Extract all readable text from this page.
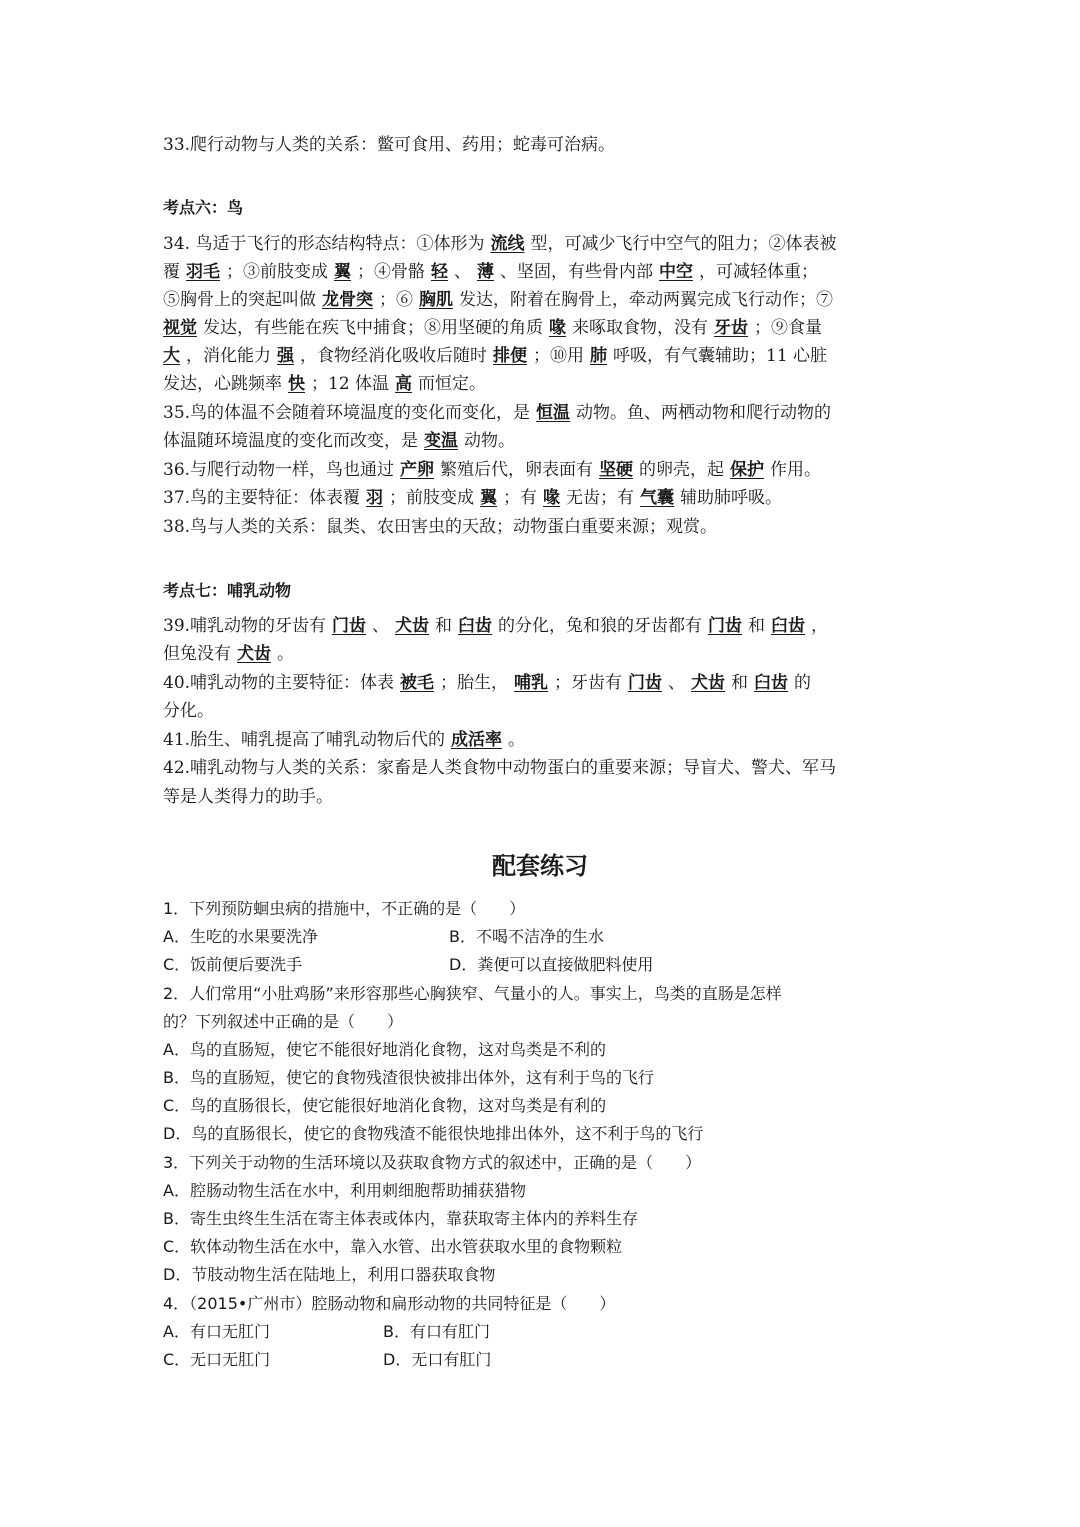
33.爬行动物与人类的关系：鳖可食用、药用；蛇毒可治病。
考点六：鸟
34. 鸟适于飞行的形态结构特点：①体形为 流线 型，可减少飞行中空气的阻力；②体表被
覆 羽毛 ；③前肢变成 翼 ；④骨骼 轻 、 薄 、坚固，有些骨内部 中空 ，可减轻体重；
⑤胸骨上的突起叫做 龙骨突 ；⑥ 胸肌 发达，附着在胸骨上，牵动两翼完成飞行动作；⑦
视觉 发达，有些能在疾飞中捕食；⑧用坚硬的角质 喙 来啄取食物，没有 牙齿 ；⑨食量
大 ，消化能力 强 ，食物经消化吸收后随时 排便 ；⑩用 肺 呼吸，有气囊辅助；11 心脏
发达，心跳频率 快 ；12 体温 高 而恒定。
35.鸟的体温不会随着环境温度的变化而变化，是 恒温 动物。鱼、两栖动物和爬行动物的
体温随环境温度的变化而改变，是 变温 动物。
36.与爬行动物一样，鸟也通过 产卵 繁殖后代，卵表面有 坚硬 的卵壳，起 保护 作用。
37.鸟的主要特征：体表覆 羽 ；前肢变成 翼 ；有 喙 无齿；有 气囊 辅助肺呼吸。
38.鸟与人类的关系：鼠类、农田害虫的天敌；动物蛋白重要来源；观赏。
考点七：哺乳动物
39.哺乳动物的牙齿有 门齿 、 犬齿 和 臼齿 的分化，兔和狼的牙齿都有 门齿 和 臼齿 ，
但兔没有 犬齿 。
40.哺乳动物的主要特征：体表 被毛 ；胎生， 哺乳 ；牙齿有 门齿 、 犬齿 和 臼齿 的
分化。
41.胎生、哺乳提高了哺乳动物后代的 成活率 。
42.哺乳动物与人类的关系：家畜是人类食物中动物蛋白的重要来源；导盲犬、警犬、军马
等是人类得力的助手。
配套练习
1．下列预防蛔虫病的措施中，不正确的是（　　）
A．生吃的水果要洗净	B．不喝不洁净的生水
C．饭前便后要洗手	D．粪便可以直接做肥料使用
2．人们常用“小肚鸡肠”来形容那些心胸狭窄、气量小的人。事实上，鸟类的直肠是怎样
的？下列叙述中正确的是（　　）
A．鸟的直肠短，使它不能很好地消化食物，这对鸟类是不利的
B．鸟的直肠短，使它的食物残渣很快被排出体外，这有利于鸟的飞行
C．鸟的直肠很长，使它能很好地消化食物，这对鸟类是有利的
D．鸟的直肠很长，使它的食物残渣不能很快地排出体外，这不利于鸟的飞行
3．下列关于动物的生活环境以及获取食物方式的叙述中，正确的是（　　）
A．腔肠动物生活在水中，利用刺细胞帮助捕获猎物
B．寄生虫终生生活在寄主体表或体内，靠获取寄主体内的养料生存
C．软体动物生活在水中，靠入水管、出水管获取水里的食物颗粒
D．节肢动物生活在陆地上，利用口器获取食物
4．（2015•广州市）腔肠动物和扁形动物的共同特征是（　　）
A．有口无肛门	B．有口有肛门
C．无口无肛门	D．无口有肛门
